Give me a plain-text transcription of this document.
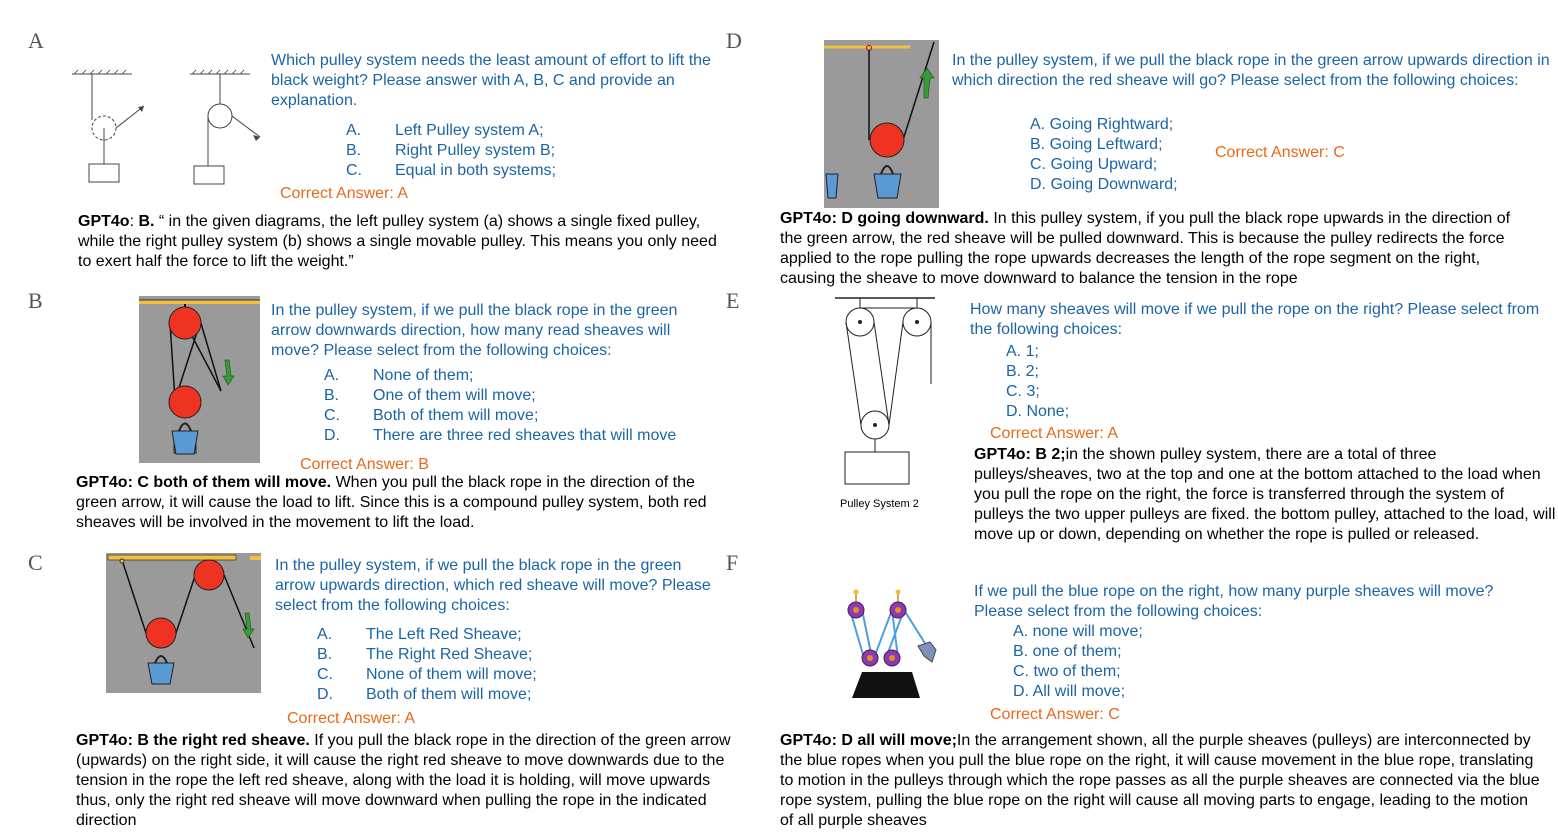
A
Which pulley system needs the least amount of effort to lift the black weight? Please answer with A, B, C and provide an explanation.
A.	Left Pulley system A;
B.	Right Pulley system B;
C.	Equal in both systems;
Correct Answer: A
GPT4o: B. “ in the given diagrams, the left pulley system (a) shows a single fixed pulley, while the right pulley system (b) shows a single movable pulley. This means you only need to exert half the force to lift the weight.”
B	In the pulley system, if we pull the black rope in the green arrow downwards direction, how many read sheaves will move? Please select from the following choices:
A.	None of them;
B.	One of them will move;
C.	Both of them will move;
D.	There are three red sheaves that will move
Correct Answer: B
GPT4o: C both of them will move. When you pull the black rope in the direction of the green arrow, it will cause the load to lift. Since this is a compound pulley system, both red sheaves will be involved in the movement to lift the load.
C	In the pulley system, if we pull the black rope in the green arrow upwards direction, which red sheave will move? Please select from the following choices:
A.	The Left Red Sheave;
B.	The Right Red Sheave;
C.	None of them will move;
D.	Both of them will move;
Correct Answer: A
GPT4o: B the right red sheave. If you pull the black rope in the direction of the green arrow (upwards) on the right side, it will cause the right red sheave to move downwards due to the tension in the rope the left red sheave, along with the load it is holding, will move upwards thus, only the right red sheave will move downward when pulling the rope in the indicated direction
D
In the pulley system, if we pull the black rope in the green arrow upwards direction in which direction the red sheave will go? Please select from the following choices:
A. Going Rightward;
B. Going Leftward;
C. Going Upward;
D. Going Downward;
Correct Answer: C
GPT4o: D going downward. In this pulley system, if you pull the black rope upwards in the direction of the green arrow, the red sheave will be pulled downward. This is because the pulley redirects the force applied to the rope pulling the rope upwards decreases the length of the rope segment on the right, causing the sheave to move downward to balance the tension in the rope
E
Pulley System 2
How many sheaves will move if we pull the rope on the right? Please select from the following choices:
A. 1;
B. 2;
C. 3;
D. None;
Correct Answer: A
GPT4o: B 2;in the shown pulley system, there are a total of three pulleys/sheaves, two at the top and one at the bottom attached to the load when you pull the rope on the right, the force is transferred through the system of pulleys the two upper pulleys are fixed. the bottom pulley, attached to the load, will move up or down, depending on whether the rope is pulled or released.
F
If we pull the blue rope on the right, how many purple sheaves will move? Please select from the following choices:
A. none will move;
B. one of them;
C. two of them;
D. All will move;
Correct Answer: C
GPT4o: D all will move;In the arrangement shown, all the purple sheaves (pulleys) are interconnected by the blue ropes when you pull the blue rope on the right, it will cause movement in the blue rope, translating to motion in the pulleys through which the rope passes as all the purple sheaves are connected via the blue rope system, pulling the blue rope on the right will cause all moving parts to engage, leading to the motion of all purple sheaves
